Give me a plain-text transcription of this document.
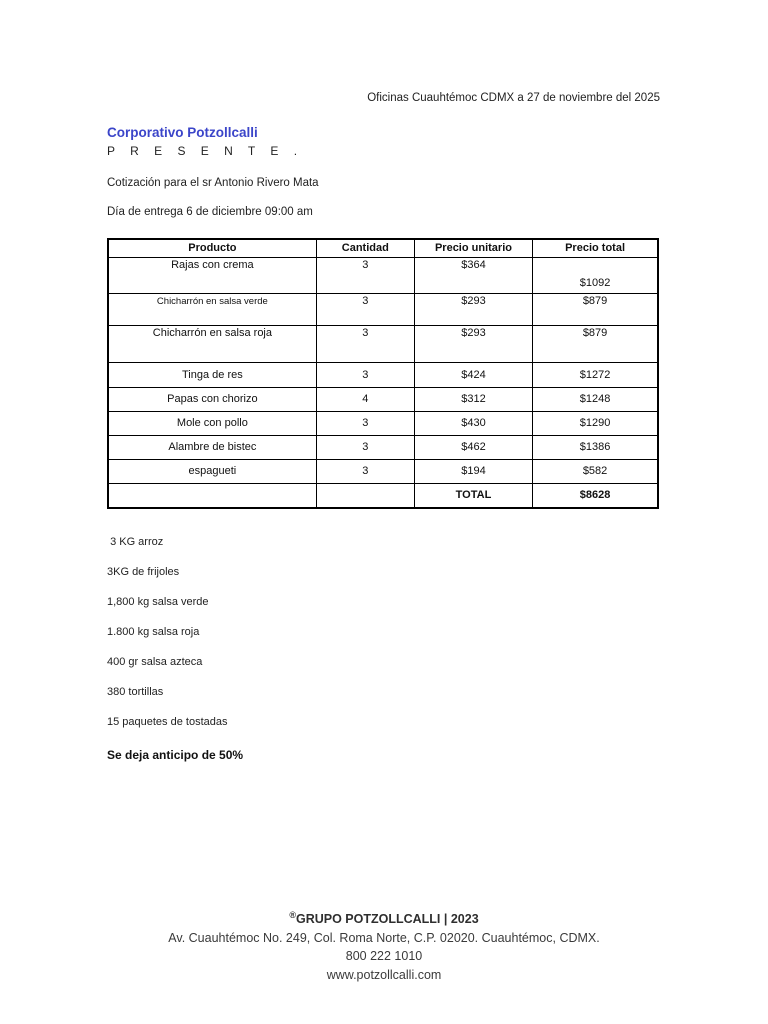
Oficinas Cuauhtémoc CDMX a 27 de noviembre del 2025
Corporativo Potzollcalli
P R E S E N T E .
Cotización para el sr Antonio Rivero Mata
Día de entrega 6 de diciembre 09:00 am
Producto	Cantidad	Precio unitario	Precio total
Rajas con crema	3	$364	$1092
Chicharrón en salsa verde	3	$293	$879
Chicharrón en salsa roja	3	$293	$879
Tinga de res	3	$424	$1272
Papas con chorizo	4	$312	$1248
Mole con pollo	3	$430	$1290
Alambre de bistec	3	$462	$1386
espagueti	3	$194	$582
		TOTAL	$8628
3 KG arroz
3KG de frijoles
1,800 kg salsa verde
1.800 kg salsa roja
400 gr salsa azteca
380 tortillas
15 paquetes de tostadas
Se deja anticipo de 50%
®GRUPO POTZOLLCALLI | 2023
Av. Cuauhtémoc No. 249, Col. Roma Norte, C.P. 02020. Cuauhtémoc, CDMX.
800 222 1010
www.potzollcalli.com
